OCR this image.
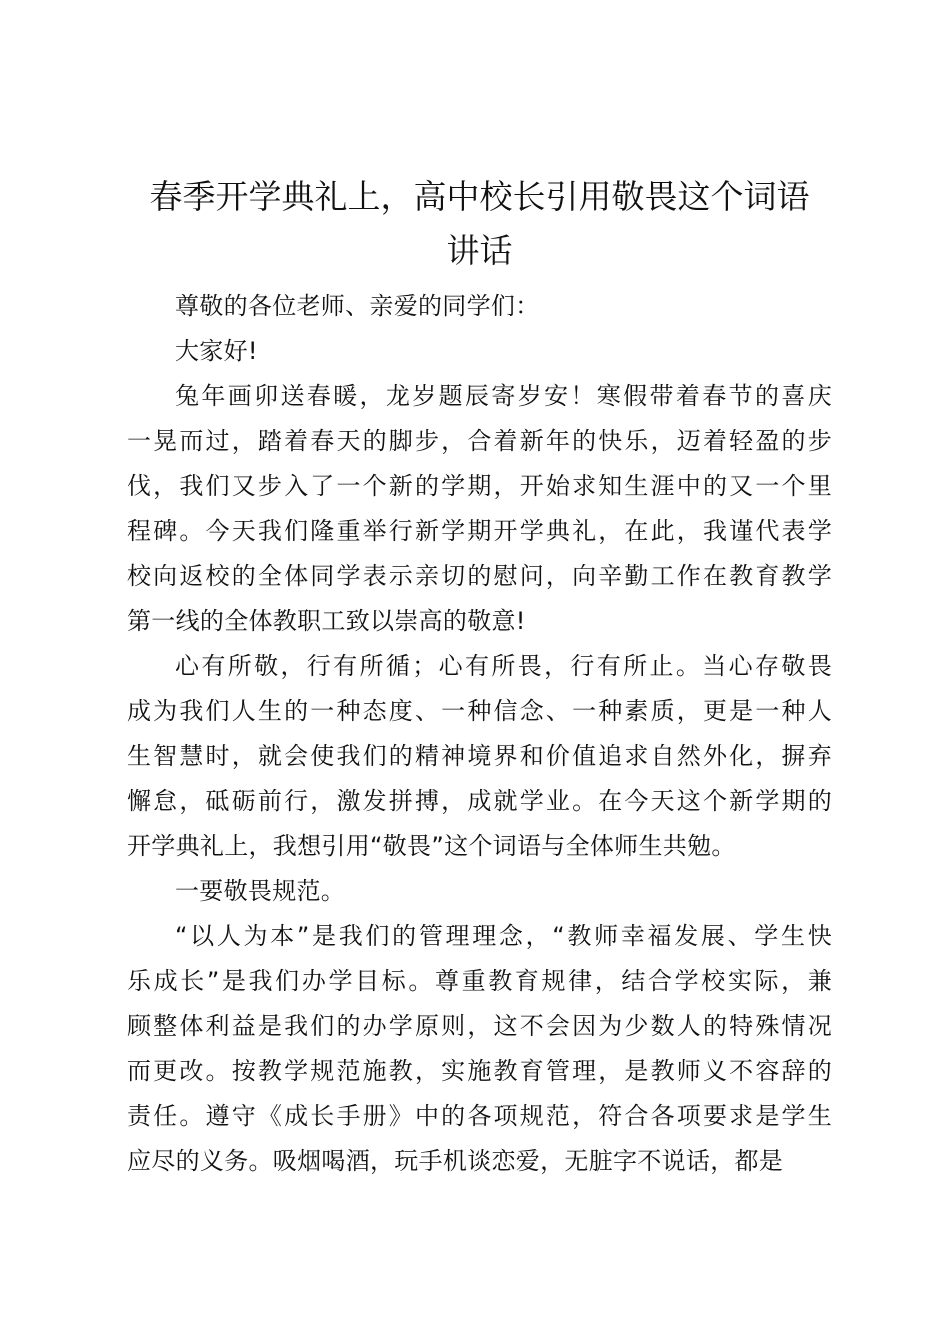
春季开学典礼上，高中校长引用敬畏这个词语
讲话

尊敬的各位老师、亲爱的同学们：

大家好!

兔年画卯送春暖，龙岁题辰寄岁安！寒假带着春节的喜庆
一晃而过，踏着春天的脚步，合着新年的快乐，迈着轻盈的步
伐，我们又步入了一个新的学期，开始求知生涯中的又一个里
程碑。今天我们隆重举行新学期开学典礼，在此，我谨代表学
校向返校的全体同学表示亲切的慰问，向辛勤工作在教育教学
第一线的全体教职工致以崇高的敬意!

心有所敬，行有所循；心有所畏，行有所止。当心存敬畏
成为我们人生的一种态度、一种信念、一种素质，更是一种人
生智慧时，就会使我们的精神境界和价值追求自然外化，摒弃
懈怠，砥砺前行，激发拼搏，成就学业。在今天这个新学期的
开学典礼上，我想引用“敬畏”这个词语与全体师生共勉。

一要敬畏规范。

“以人为本”是我们的管理理念，“教师幸福发展、学生快
乐成长”是我们办学目标。尊重教育规律，结合学校实际，兼
顾整体利益是我们的办学原则，这不会因为少数人的特殊情况
而更改。按教学规范施教，实施教育管理，是教师义不容辞的
责任。遵守《成长手册》中的各项规范，符合各项要求是学生
应尽的义务。吸烟喝酒，玩手机谈恋爱，无脏字不说话，都是
